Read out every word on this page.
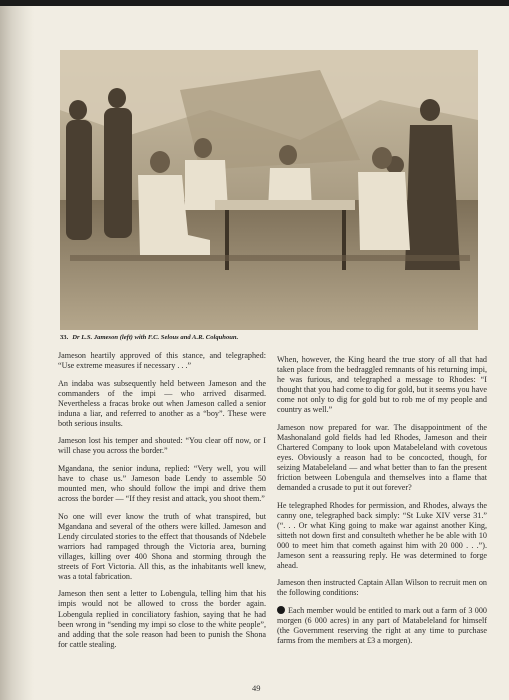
33. Dr L.S. Jameson (left) with F.C. Selous and A.R. Colquhoun.

Jameson heartily approved of this stance, and telegraphed: “Use extreme measures if necessary . . .”

An indaba was subsequently held between Jameson and the commanders of the impi — who arrived disarmed. Nevertheless a fracas broke out when Jameson called a senior induna a liar, and referred to another as a “boy”. These were both serious insults.

Jameson lost his temper and shouted: “You clear off now, or I will chase you across the border.”

Mgandana, the senior induna, replied: “Very well, you will have to chase us.” Jameson bade Lendy to assemble 50 mounted men, who should follow the impi and drive them across the border — “If they resist and attack, you shoot them.”

No one will ever know the truth of what transpired, but Mgandana and several of the others were killed. Jameson and Lendy circulated stories to the effect that thousands of Ndebele warriors had rampaged through the Victoria area, burning villages, killing over 400 Shona and storming through the streets of Fort Victoria. All this, as the inhabitants well knew, was a total fabrication.

Jameson then sent a letter to Lobengula, telling him that his impis would not be allowed to cross the border again. Lobengula replied in conciliatory fashion, saying that he had been wrong in “sending my impi so close to the white people”, and adding that the sole reason had been to punish the Shona for cattle stealing.

When, however, the King heard the true story of all that had taken place from the bedraggled remnants of his returning impi, he was furious, and telegraphed a message to Rhodes: “I thought that you had come to dig for gold, but it seems you have come not only to dig for gold but to rob me of my people and country as well.”

Jameson now prepared for war. The disappointment of the Mashonaland gold fields had led Rhodes, Jameson and their Chartered Company to look upon Matabeleland with covetous eyes. Obviously a reason had to be concocted, though, for seizing Matabeleland — and what better than to fan the present friction between Lobengula and themselves into a flame that demanded a crusade to put it out forever?

He telegraphed Rhodes for permission, and Rhodes, always the canny one, telegraphed back simply: “St Luke XIV verse 31.” (“. . . Or what King going to make war against another King, sitteth not down first and consulteth whether he be able with 10 000 to meet him that cometh against him with 20 000 . . .”). Jameson sent a reassuring reply. He was determined to forge ahead.

Jameson then instructed Captain Allan Wilson to recruit men on the following conditions:

Each member would be entitled to mark out a farm of 3 000 morgen (6 000 acres) in any part of Matabeleland for himself (the Government reserving the right at any time to purchase farms from the members at £3 a morgen).

49
